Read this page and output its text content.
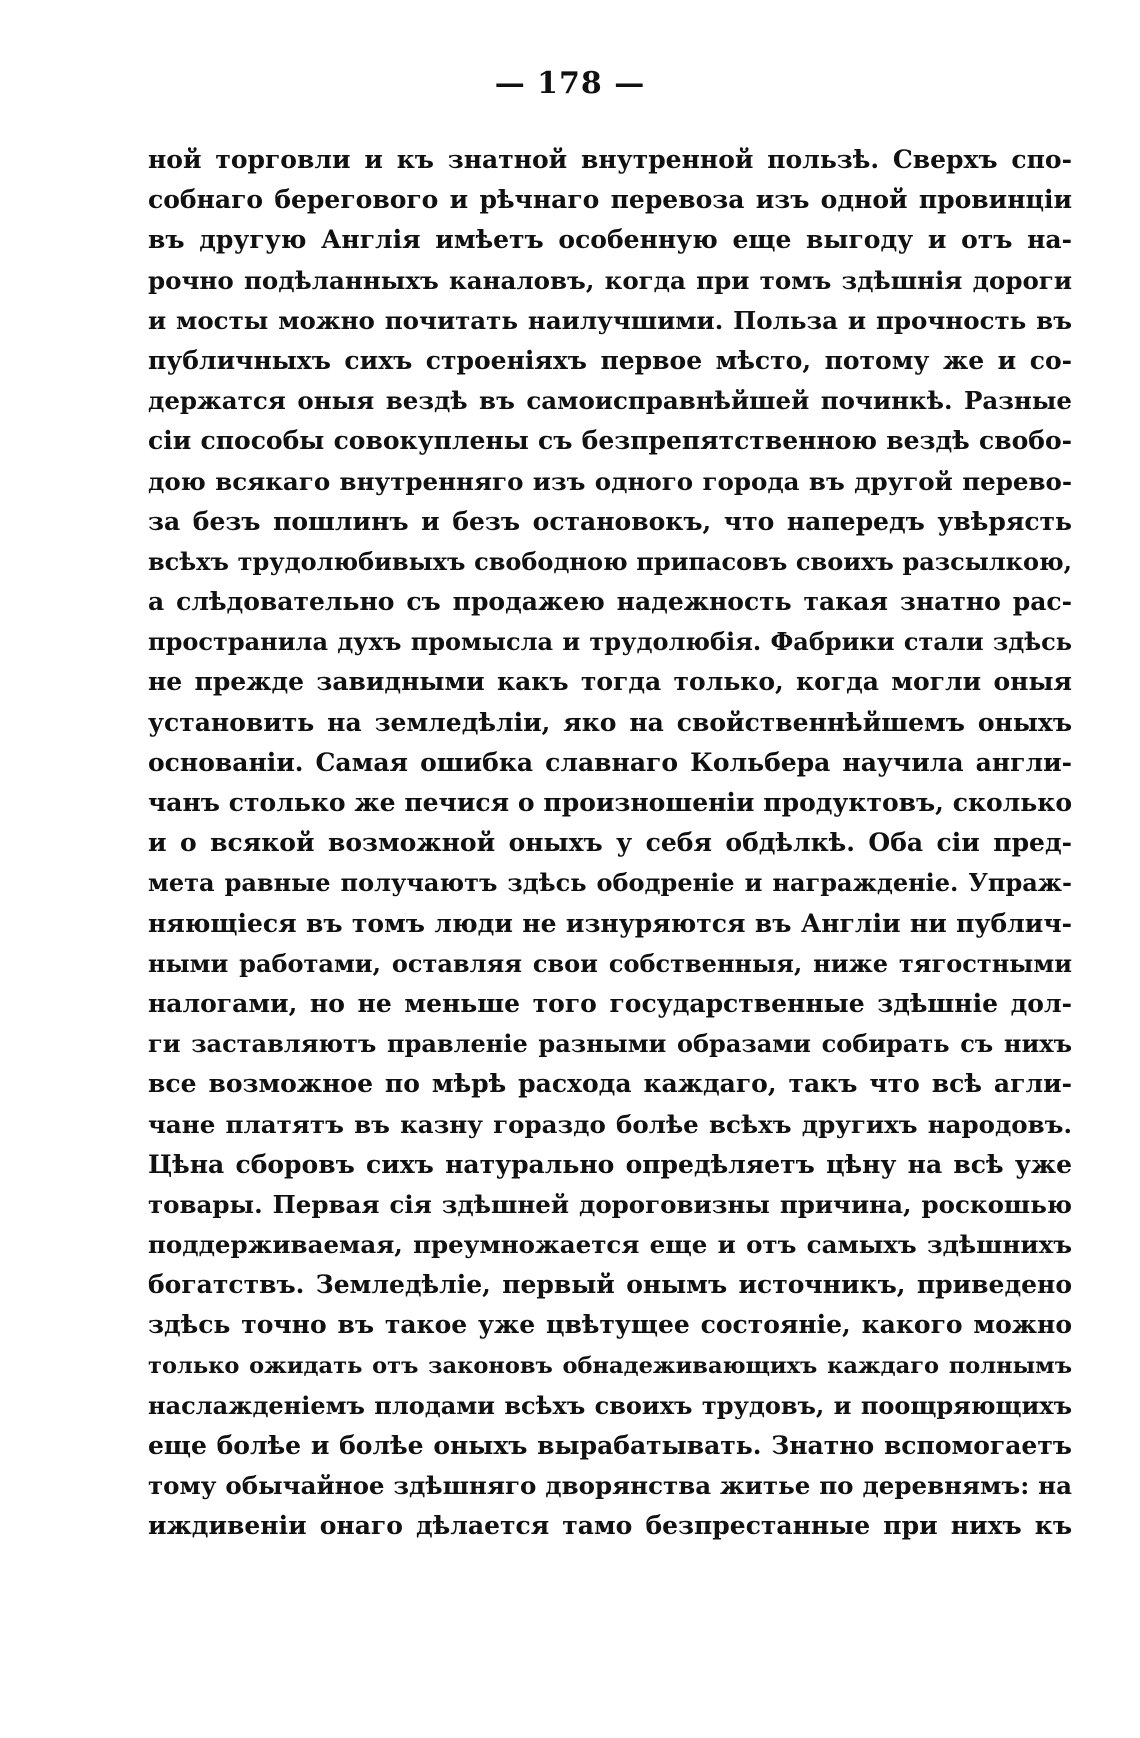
— 178 —
ной торговли и къ знатной внутренной пользѣ. Сверхъ спо-
собнаго берегового и рѣчнаго перевоза изъ одной провинціи
въ другую Англія имѣетъ особенную еще выгоду и отъ на-
рочно подѣланныхъ каналовъ, когда при томъ здѣшнія дороги
и мосты можно почитать наилучшими. Польза и прочность въ
публичныхъ сихъ строеніяхъ первое мѣсто, потому же и со-
держатся оныя вездѣ въ самоисправнѣйшей починкѣ. Разные
сіи способы совокуплены съ безпрепятственною вездѣ свобо-
дою всякаго внутренняго изъ одного города въ другой перево-
за безъ пошлинъ и безъ остановокъ, что напередъ увѣрясть
всѣхъ трудолюбивыхъ свободною припасовъ своихъ разсылкою,
а слѣдовательно съ продажею надежность такая знатно рас-
пространила духъ промысла и трудолюбія. Фабрики стали здѣсь
не прежде завидными какъ тогда только, когда могли оныя
установить на земледѣліи, яко на свойственнѣйшемъ оныхъ
основаніи. Самая ошибка славнаго Кольбера научила англи-
чанъ столько же печися о произношеніи продуктовъ, сколько
и о всякой возможной оныхъ у себя обдѣлкѣ. Оба сіи пред-
мета равные получаютъ здѣсь ободреніе и награжденіе. Упраж-
няющіеся въ томъ люди не изнуряются въ Англіи ни публич-
ными работами, оставляя свои собственныя, ниже тягостными
налогами, но не меньше того государственные здѣшніе дол-
ги заставляютъ правленіе разными образами собирать съ нихъ
все возможное по мѣрѣ расхода каждаго, такъ что всѣ агли-
чане платятъ въ казну гораздо болѣе всѣхъ другихъ народовъ.
Цѣна сборовъ сихъ натурально опредѣляетъ цѣну на всѣ уже
товары. Первая сія здѣшней дороговизны причина, роскошью
поддерживаемая, преумножается еще и отъ самыхъ здѣшнихъ
богатствъ. Земледѣліе, первый онымъ источникъ, приведено
здѣсь точно въ такое уже цвѣтущее состояніе, какого можно
только ожидать отъ законовъ обнадеживающихъ каждаго полнымъ
наслажденіемъ плодами всѣхъ своихъ трудовъ, и поощряющихъ
еще болѣе и болѣе оныхъ вырабатывать. Знатно вспомогаетъ
тому обычайное здѣшняго дворянства житье по деревнямъ: на
иждивеніи онаго дѣлается тамо безпрестанные при нихъ къ
